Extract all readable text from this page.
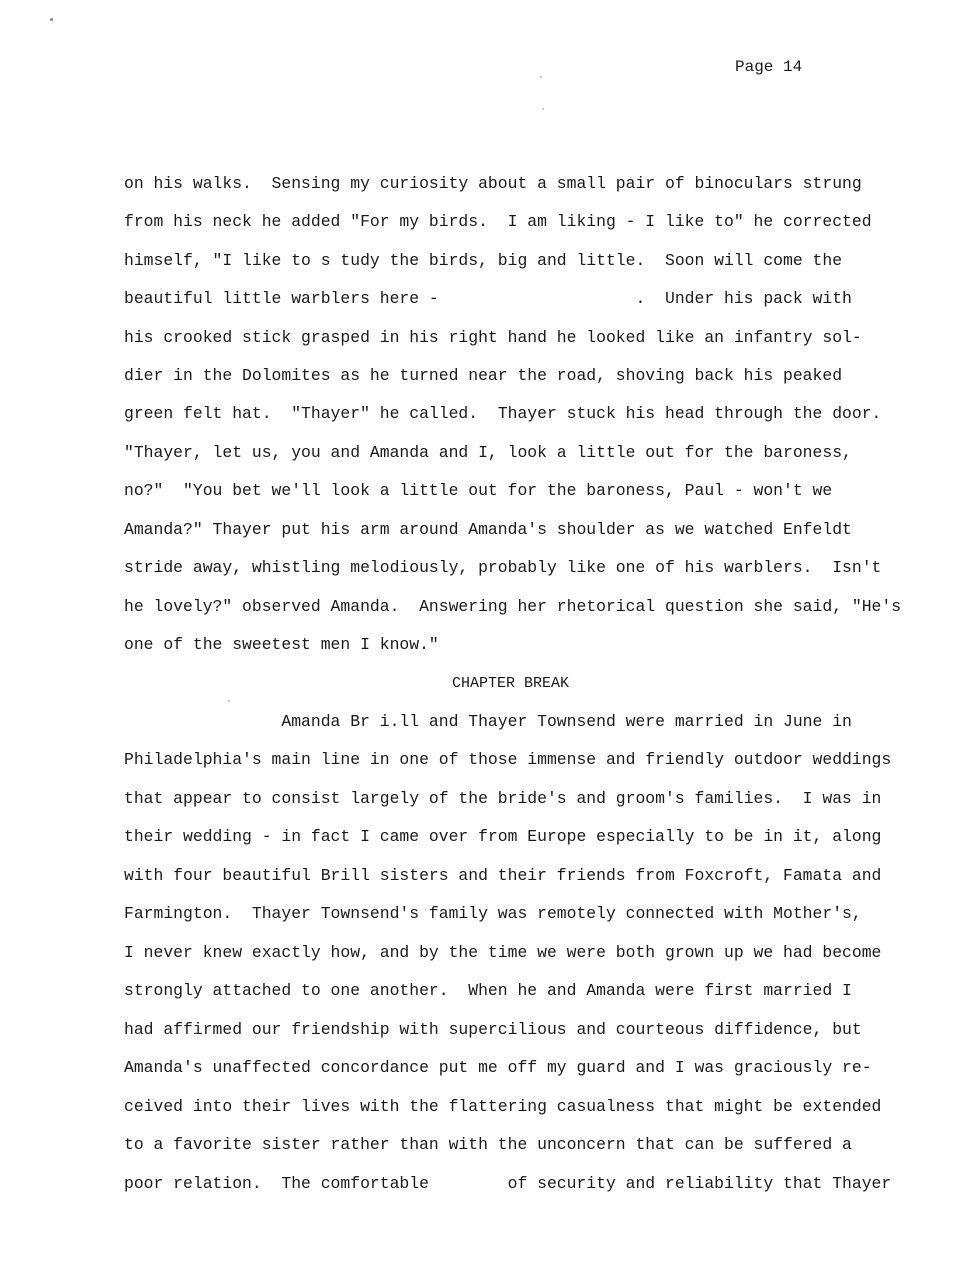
Page 14
on his walks.  Sensing my curiosity about a small pair of binoculars strung
from his neck he added "For my birds.  I am liking - I like to" he corrected
himself, "I like to s tudy the birds, big and little.  Soon will come the
beautiful little warblers here -                    .  Under his pack with
his crooked stick grasped in his right hand he looked like an infantry sol-
dier in the Dolomites as he turned near the road, shoving back his peaked
green felt hat.  "Thayer" he called.  Thayer stuck his head through the door.
"Thayer, let us, you and Amanda and I, look a little out for the baroness,
no?"  "You bet we'll look a little out for the baroness, Paul - won't we
Amanda?" Thayer put his arm around Amanda's shoulder as we watched Enfeldt
stride away, whistling melodiously, probably like one of his warblers.  Isn't
he lovely?" observed Amanda.  Answering her rhetorical question she said, "He's
one of the sweetest men I know."
CHAPTER BREAK
Amanda Br i.ll and Thayer Townsend were married in June in
Philadelphia's main line in one of those immense and friendly outdoor weddings
that appear to consist largely of the bride's and groom's families.  I was in
their wedding - in fact I came over from Europe especially to be in it, along
with four beautiful Brill sisters and their friends from Foxcroft, Famata and
Farmington.  Thayer Townsend's family was remotely connected with Mother's,
I never knew exactly how, and by the time we were both grown up we had become
strongly attached to one another.  When he and Amanda were first married I
had affirmed our friendship with supercilious and courteous diffidence, but
Amanda's unaffected concordance put me off my guard and I was graciously re-
ceived into their lives with the flattering casualness that might be extended
to a favorite sister rather than with the unconcern that can be suffered a
poor relation.  The comfortable        of security and reliability that Thayer
